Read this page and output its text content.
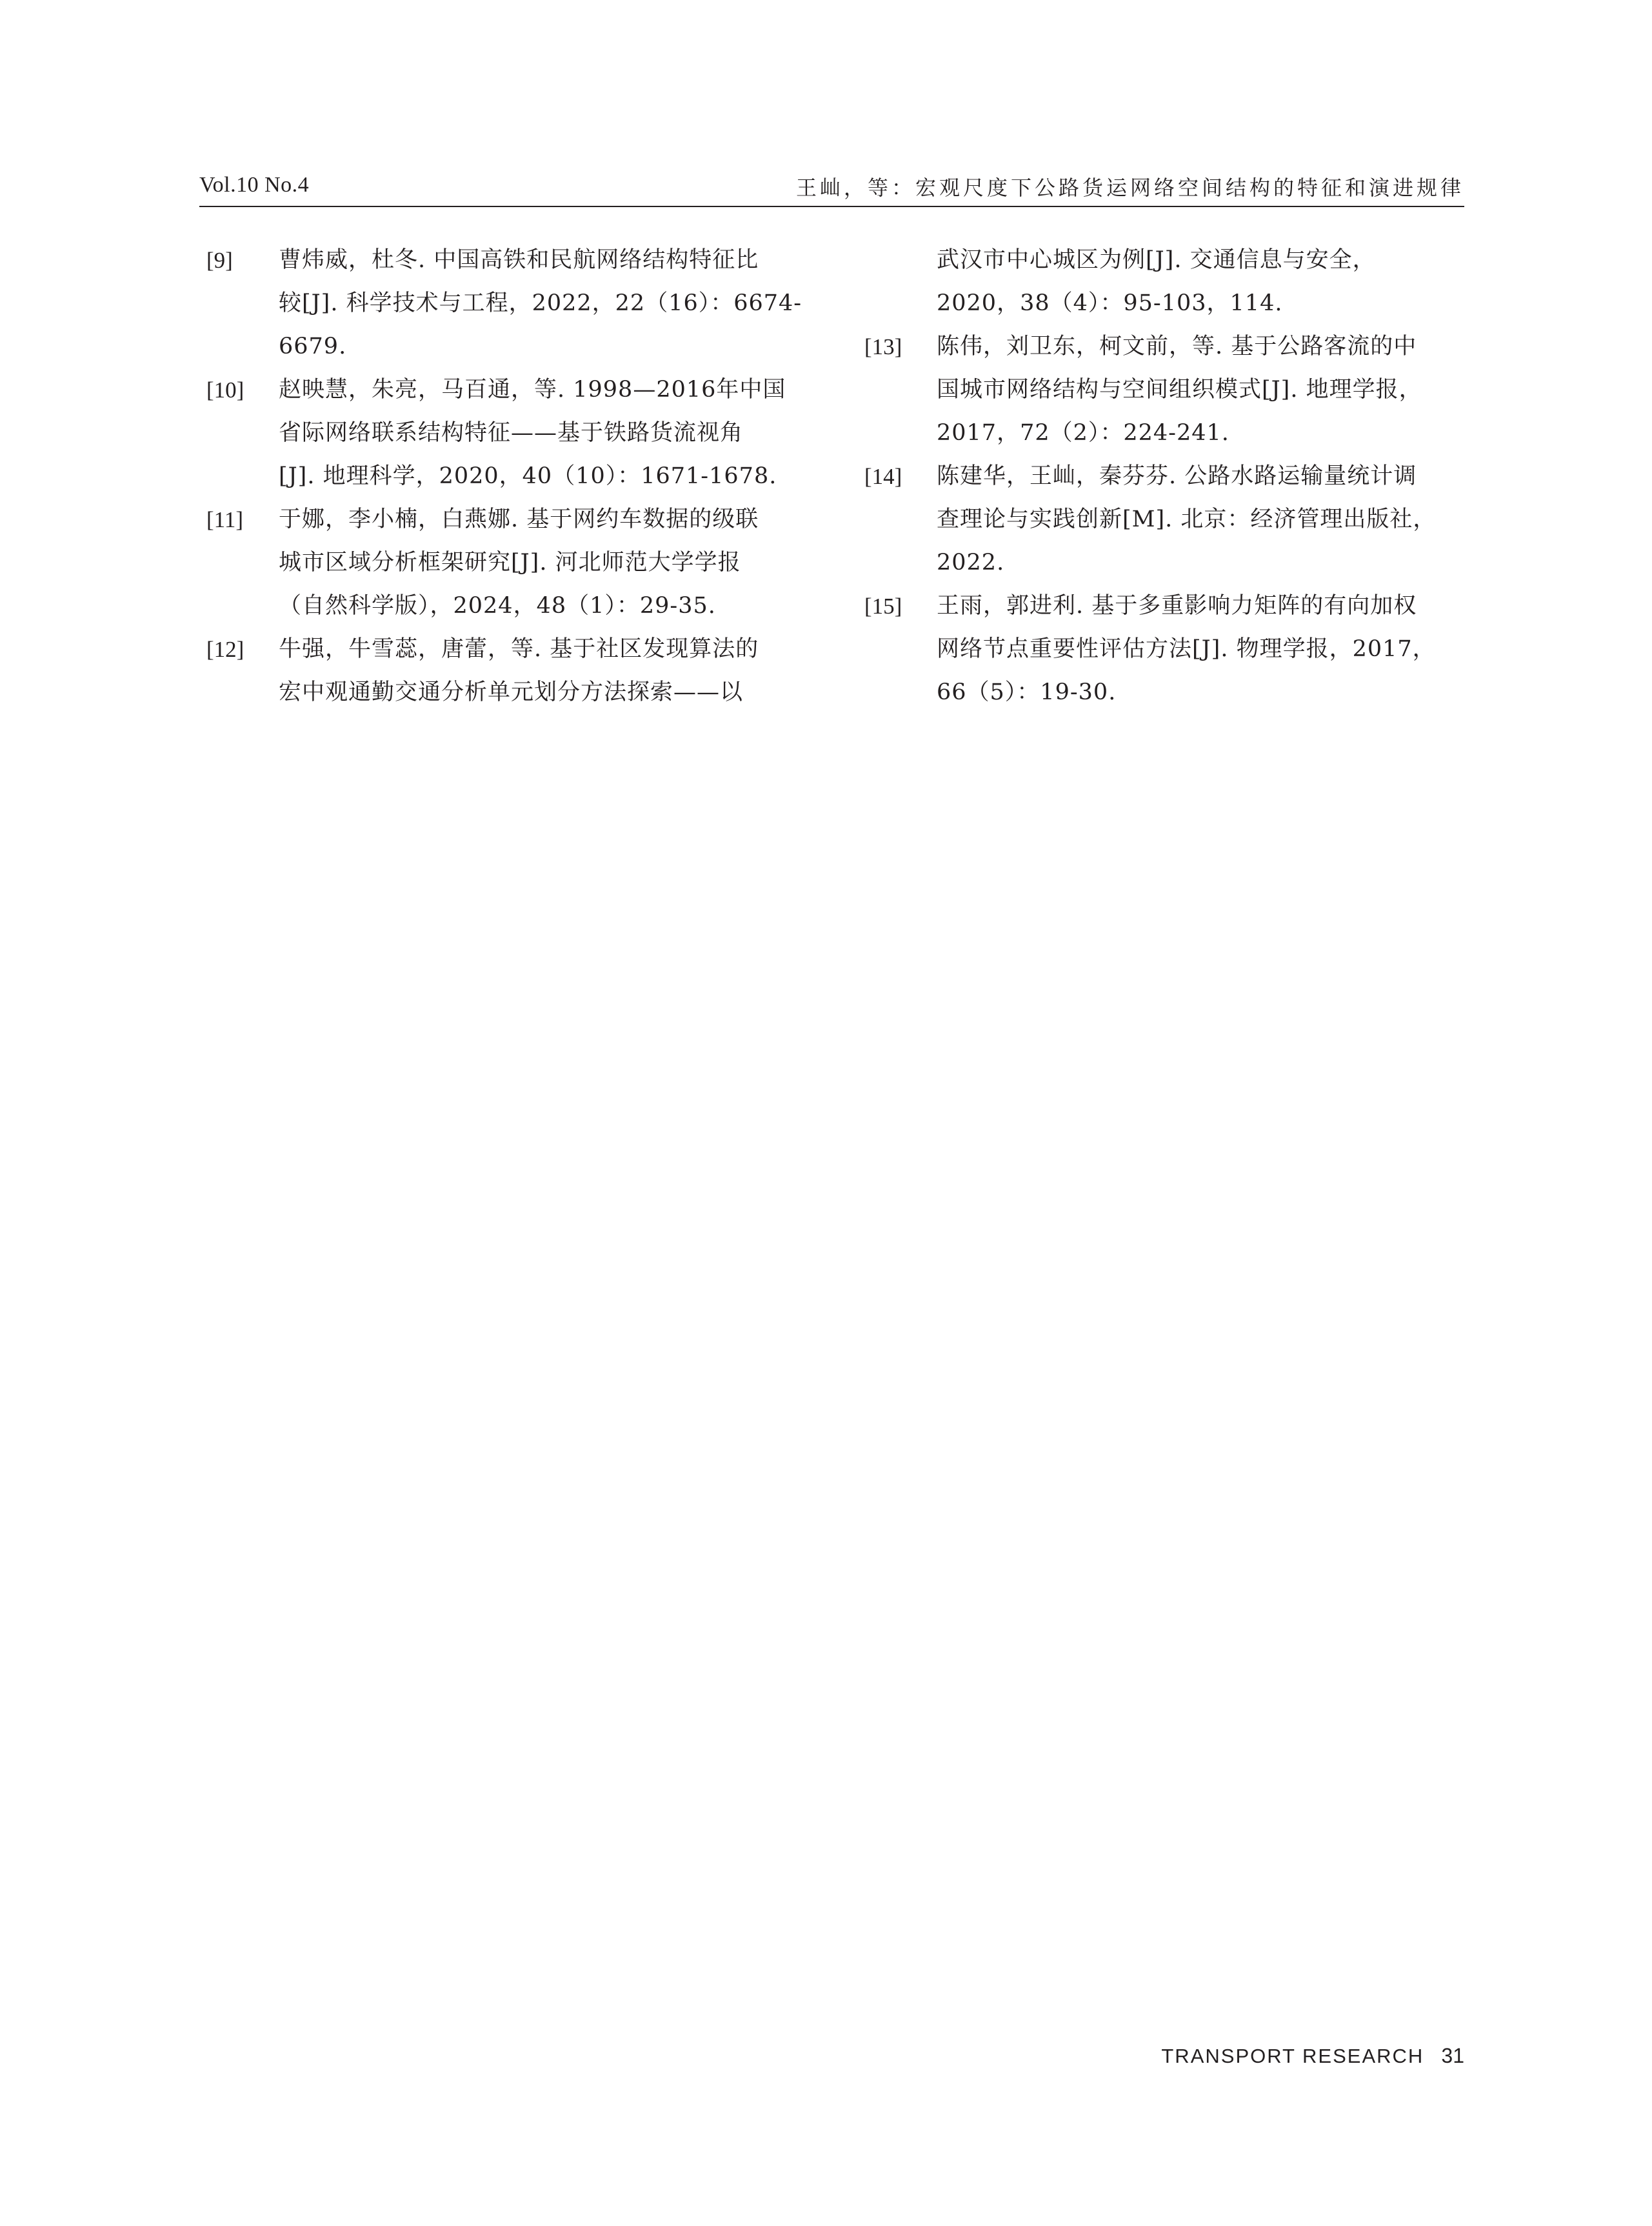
Vol.10 No.4	王屾，等：宏观尺度下公路货运网络空间结构的特征和演进规律
[9]	曹炜威，杜冬. 中国高铁和民航网络结构特征比
较[J]. 科学技术与工程，2022，22（16）：6674-
6679.
[10]	赵映慧，朱亮，马百通，等. 1998—2016年中国
省际网络联系结构特征——基于铁路货流视角
[J]. 地理科学，2020，40（10）：1671-1678.
[11]	于娜，李小楠，白燕娜. 基于网约车数据的级联
城市区域分析框架研究[J]. 河北师范大学学报
（自然科学版），2024，48（1）：29-35.
[12]	牛强，牛雪蕊，唐蕾，等. 基于社区发现算法的
宏中观通勤交通分析单元划分方法探索——以
武汉市中心城区为例[J]. 交通信息与安全，
2020，38（4）：95-103，114.
[13]	陈伟，刘卫东，柯文前，等. 基于公路客流的中
国城市网络结构与空间组织模式[J]. 地理学报，
2017，72（2）：224-241.
[14]	陈建华，王屾，秦芬芬. 公路水路运输量统计调
查理论与实践创新[M]. 北京：经济管理出版社，
2022.
[15]	王雨，郭进利. 基于多重影响力矩阵的有向加权
网络节点重要性评估方法[J]. 物理学报，2017，
66（5）：19-30.
TRANSPORT RESEARCH 31
